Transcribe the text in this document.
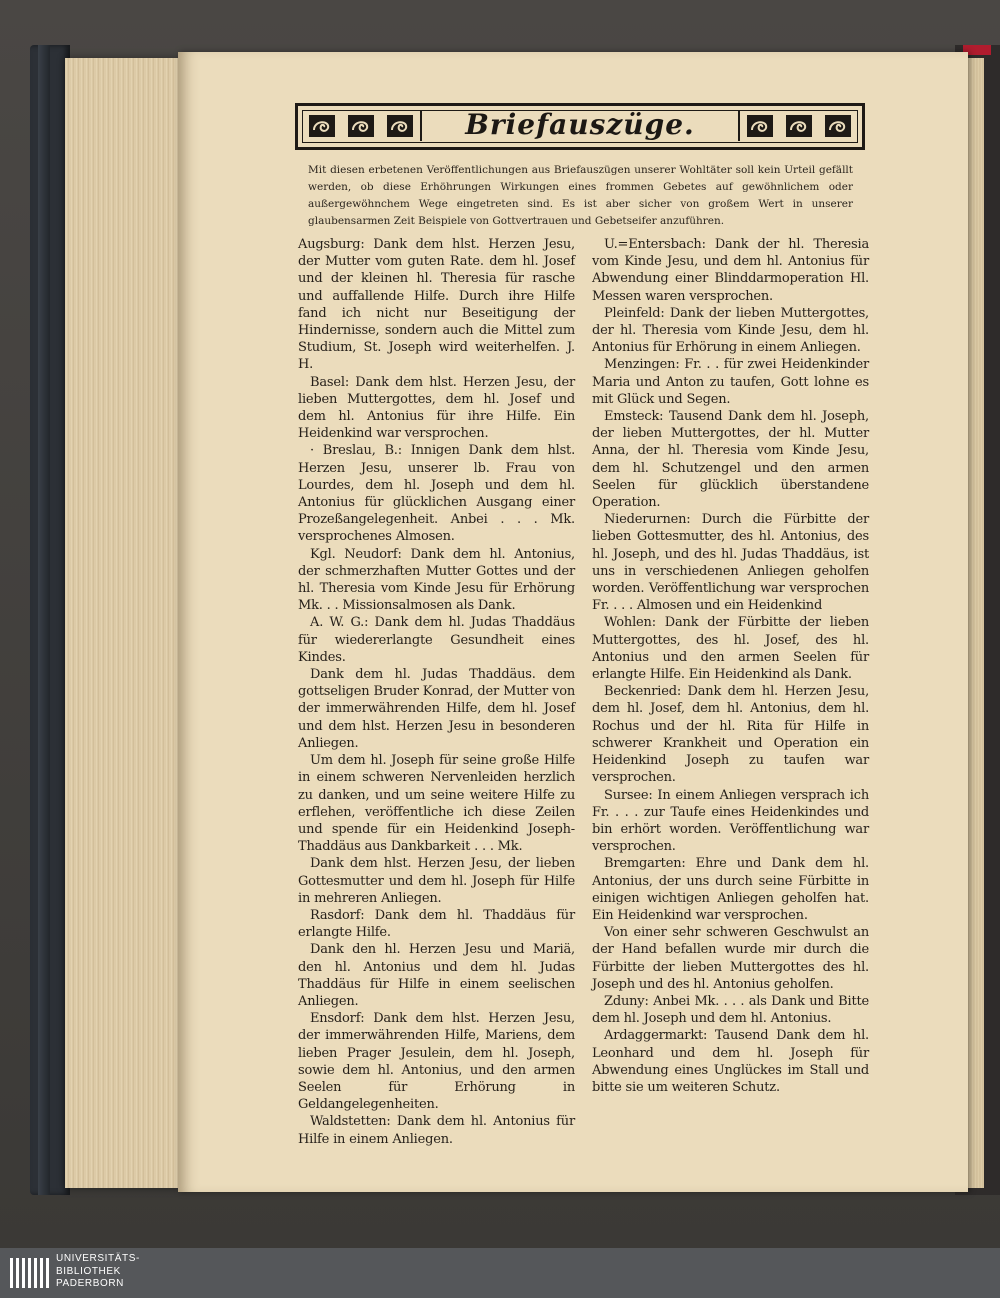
Briefauszüge.
Mit diesen erbetenen Veröffentlichungen aus Briefauszügen unserer Wohltäter soll kein Urteil gefällt werden, ob diese Erhöhrungen Wirkungen eines frommen Gebetes auf gewöhnlichem oder außergewöhnchem Wege eingetreten sind. Es ist aber sicher von großem Wert in unserer glaubensarmen Zeit Beispiele von Gottvertrauen und Gebetseifer anzuführen.

Augsburg: Dank dem hlst. Herzen Jesu, der Mutter vom guten Rate. dem hl. Josef und der kleinen hl. Theresia für rasche und auffallende Hilfe. Durch ihre Hilfe fand ich nicht nur Beseitigung der Hindernisse, sondern auch die Mittel zum Studium, St. Joseph wird weiterhelfen. J. H.

Basel: Dank dem hlst. Herzen Jesu, der lieben Muttergottes, dem hl. Josef und dem hl. Antonius für ihre Hilfe. Ein Heidenkind war versprochen.

· Breslau, B.: Innigen Dank dem hlst. Herzen Jesu, unserer lb. Frau von Lourdes, dem hl. Joseph und dem hl. Antonius für glücklichen Ausgang einer Prozeßangelegenheit. Anbei . . . Mk. versprochenes Almosen.

Kgl. Neudorf: Dank dem hl. Antonius, der schmerzhaften Mutter Gottes und der hl. Theresia vom Kinde Jesu für Erhörung Mk. . . Missionsalmosen als Dank.

A. W. G.: Dank dem hl. Judas Thaddäus für wiedererlangte Gesundheit eines Kindes.

Dank dem hl. Judas Thaddäus. dem gottseligen Bruder Konrad, der Mutter von der immerwährenden Hilfe, dem hl. Josef und dem hlst. Herzen Jesu in besonderen Anliegen.

Um dem hl. Joseph für seine große Hilfe in einem schweren Nervenleiden herzlich zu danken, und um seine weitere Hilfe zu erflehen, veröffentliche ich diese Zeilen und spende für ein Heidenkind Joseph-Thaddäus aus Dankbarkeit . . . Mk.

Dank dem hlst. Herzen Jesu, der lieben Gottesmutter und dem hl. Joseph für Hilfe in mehreren Anliegen.

Rasdorf: Dank dem hl. Thaddäus für erlangte Hilfe.

Dank den hl. Herzen Jesu und Mariä, den hl. Antonius und dem hl. Judas Thaddäus für Hilfe in einem seelischen Anliegen.

Ensdorf: Dank dem hlst. Herzen Jesu, der immerwährenden Hilfe, Mariens, dem lieben Prager Jesulein, dem hl. Joseph, sowie dem hl. Antonius, und den armen Seelen für Erhörung in Geldangelegenheiten.

Waldstetten: Dank dem hl. Antonius für Hilfe in einem Anliegen.

U.=Entersbach: Dank der hl. Theresia vom Kinde Jesu, und dem hl. Antonius für Abwendung einer Blinddarmoperation Hl. Messen waren versprochen.

Pleinfeld: Dank der lieben Muttergottes, der hl. Theresia vom Kinde Jesu, dem hl. Antonius für Erhörung in einem Anliegen.

Menzingen: Fr. . . für zwei Heidenkinder Maria und Anton zu taufen, Gott lohne es mit Glück und Segen.

Emsteck: Tausend Dank dem hl. Joseph, der lieben Muttergottes, der hl. Mutter Anna, der hl. Theresia vom Kinde Jesu, dem hl. Schutzengel und den armen Seelen für glücklich überstandene Operation.

Niederurnen: Durch die Fürbitte der lieben Gottesmutter, des hl. Antonius, des hl. Joseph, und des hl. Judas Thaddäus, ist uns in verschiedenen Anliegen geholfen worden. Veröffentlichung war versprochen Fr. . . . Almosen und ein Heidenkind

Wohlen: Dank der Fürbitte der lieben Muttergottes, des hl. Josef, des hl. Antonius und den armen Seelen für erlangte Hilfe. Ein Heidenkind als Dank.

Beckenried: Dank dem hl. Herzen Jesu, dem hl. Josef, dem hl. Antonius, dem hl. Rochus und der hl. Rita für Hilfe in schwerer Krankheit und Operation ein Heidenkind Joseph zu taufen war versprochen.

Sursee: In einem Anliegen versprach ich Fr. . . . zur Taufe eines Heidenkindes und bin erhört worden. Veröffentlichung war versprochen.

Bremgarten: Ehre und Dank dem hl. Antonius, der uns durch seine Fürbitte in einigen wichtigen Anliegen geholfen hat. Ein Heidenkind war versprochen.

Von einer sehr schweren Geschwulst an der Hand befallen wurde mir durch die Fürbitte der lieben Muttergottes des hl. Joseph und des hl. Antonius geholfen.

Zduny: Anbei Mk. . . . als Dank und Bitte dem hl. Joseph und dem hl. Antonius.

Ardaggermarkt: Tausend Dank dem hl. Leonhard und dem hl. Joseph für Abwendung eines Unglückes im Stall und bitte sie um weiteren Schutz.

UNIVERSITÄTS-
BIBLIOTHEK
PADERBORN
